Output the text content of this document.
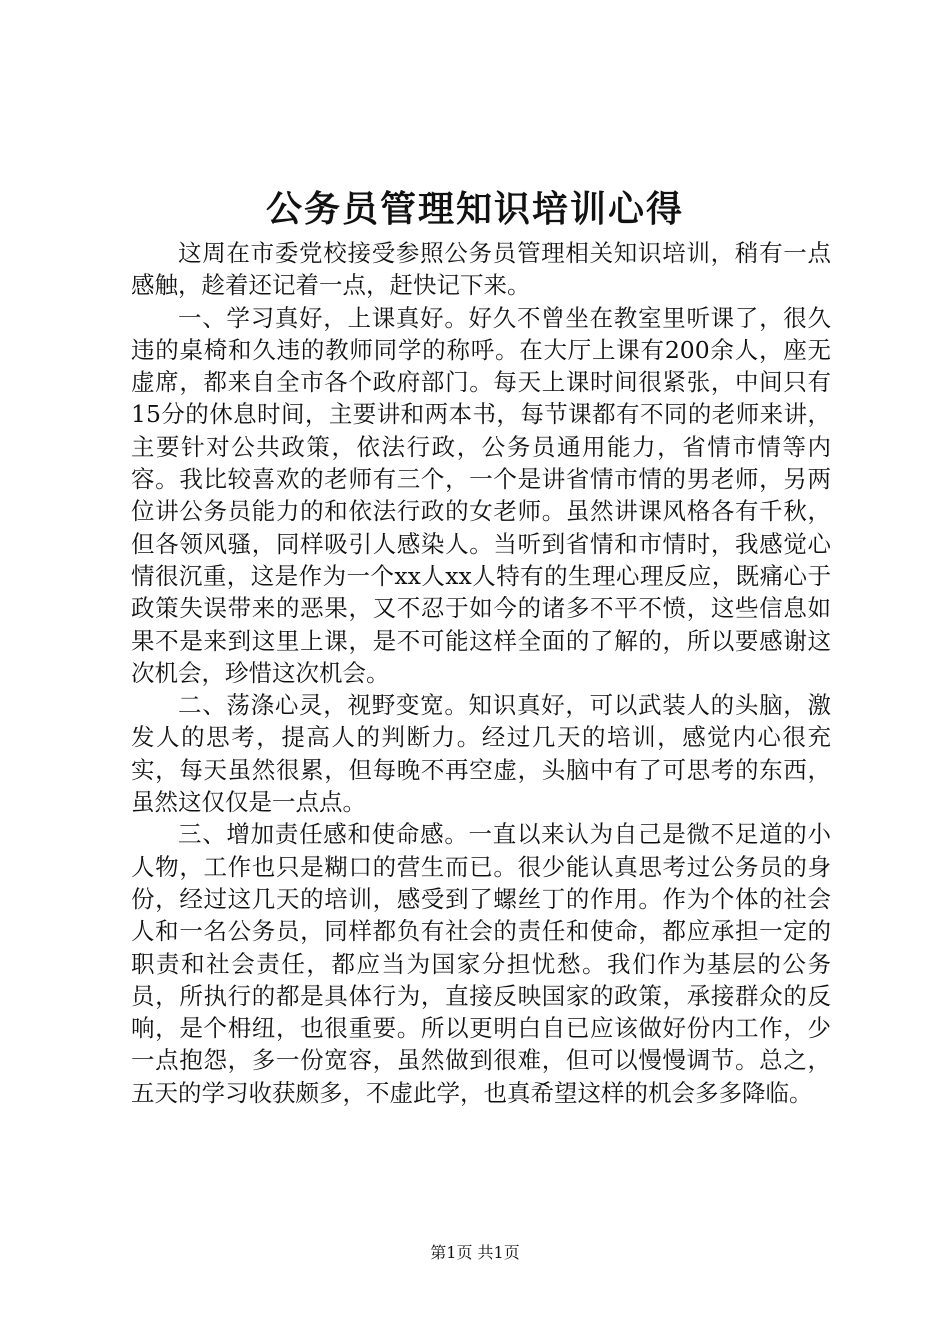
公务员管理知识培训心得

这周在市委党校接受参照公务员管理相关知识培训，稍有一点感触，趁着还记着一点，赶快记下来。

一、学习真好，上课真好。好久不曾坐在教室里听课了，很久违的桌椅和久违的教师同学的称呼。在大厅上课有200余人，座无虚席，都来自全市各个政府部门。每天上课时间很紧张，中间只有15分的休息时间，主要讲和两本书，每节课都有不同的老师来讲，主要针对公共政策，依法行政，公务员通用能力，省情市情等内容。我比较喜欢的老师有三个，一个是讲省情市情的男老师，另两位讲公务员能力的和依法行政的女老师。虽然讲课风格各有千秋，但各领风骚，同样吸引人感染人。当听到省情和市情时，我感觉心情很沉重，这是作为一个xx人xx人特有的生理心理反应，既痛心于政策失误带来的恶果，又不忍于如今的诸多不平不愤，这些信息如果不是来到这里上课，是不可能这样全面的了解的，所以要感谢这次机会，珍惜这次机会。

二、荡涤心灵，视野变宽。知识真好，可以武装人的头脑，激发人的思考，提高人的判断力。经过几天的培训，感觉内心很充实，每天虽然很累，但每晚不再空虚，头脑中有了可思考的东西，虽然这仅仅是一点点。

三、增加责任感和使命感。一直以来认为自己是微不足道的小人物，工作也只是糊口的营生而已。很少能认真思考过公务员的身份，经过这几天的培训，感受到了螺丝丁的作用。作为个体的社会人和一名公务员，同样都负有社会的责任和使命，都应承担一定的职责和社会责任，都应当为国家分担忧愁。我们作为基层的公务员，所执行的都是具体行为，直接反映国家的政策，承接群众的反响，是个枏纽，也很重要。所以更明白自已应该做好份内工作，少一点抱怨，多一份宽容，虽然做到很难，但可以慢慢调节。总之，五天的学习收获颇多，不虚此学，也真希望这样的机会多多降临。

第1页 共1页
